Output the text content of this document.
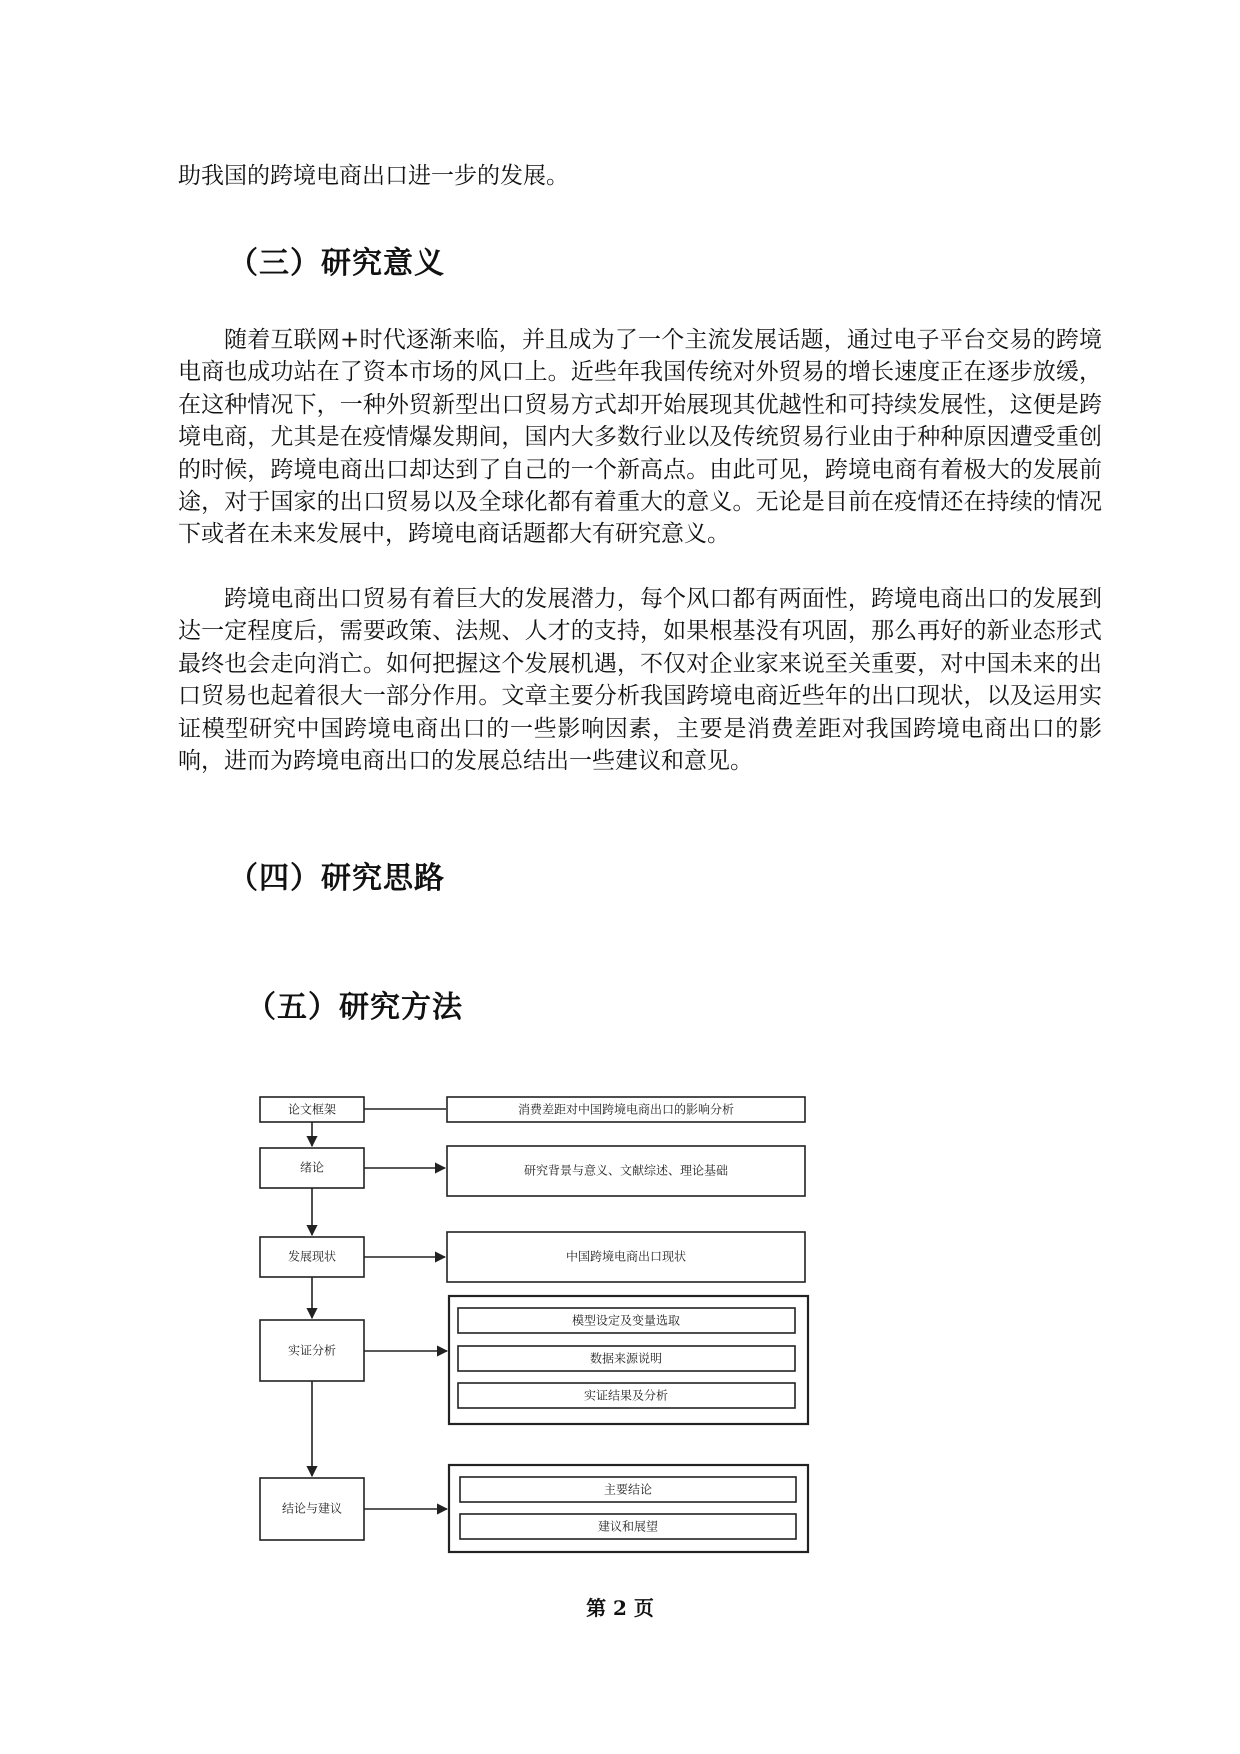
助我国的跨境电商出口进一步的发展。

（三）研究意义

随着互联网+时代逐渐来临，并且成为了一个主流发展话题，通过电子平台交易的跨境电商也成功站在了资本市场的风口上。近些年我国传统对外贸易的增长速度正在逐步放缓，在这种情况下，一种外贸新型出口贸易方式却开始展现其优越性和可持续发展性，这便是跨境电商，尤其是在疫情爆发期间，国内大多数行业以及传统贸易行业由于种种原因遭受重创的时候，跨境电商出口却达到了自己的一个新高点。由此可见，跨境电商有着极大的发展前途，对于国家的出口贸易以及全球化都有着重大的意义。无论是目前在疫情还在持续的情况下或者在未来发展中，跨境电商话题都大有研究意义。

跨境电商出口贸易有着巨大的发展潜力，每个风口都有两面性，跨境电商出口的发展到达一定程度后，需要政策、法规、人才的支持，如果根基没有巩固，那么再好的新业态形式最终也会走向消亡。如何把握这个发展机遇，不仅对企业家来说至关重要，对中国未来的出口贸易也起着很大一部分作用。文章主要分析我国跨境电商近些年的出口现状，以及运用实证模型研究中国跨境电商出口的一些影响因素，主要是消费差距对我国跨境电商出口的影响，进而为跨境电商出口的发展总结出一些建议和意见。

（四）研究思路
（五）研究方法
论文框架
绪论
发展现状
实证分析
结论与建议
消费差距对中国跨境电商出口的影响分析
研究背景与意义、文献综述、理论基础
中国跨境电商出口现状
模型设定及变量选取
数据来源说明
实证结果及分析
主要结论
建议和展望
第 2 页
